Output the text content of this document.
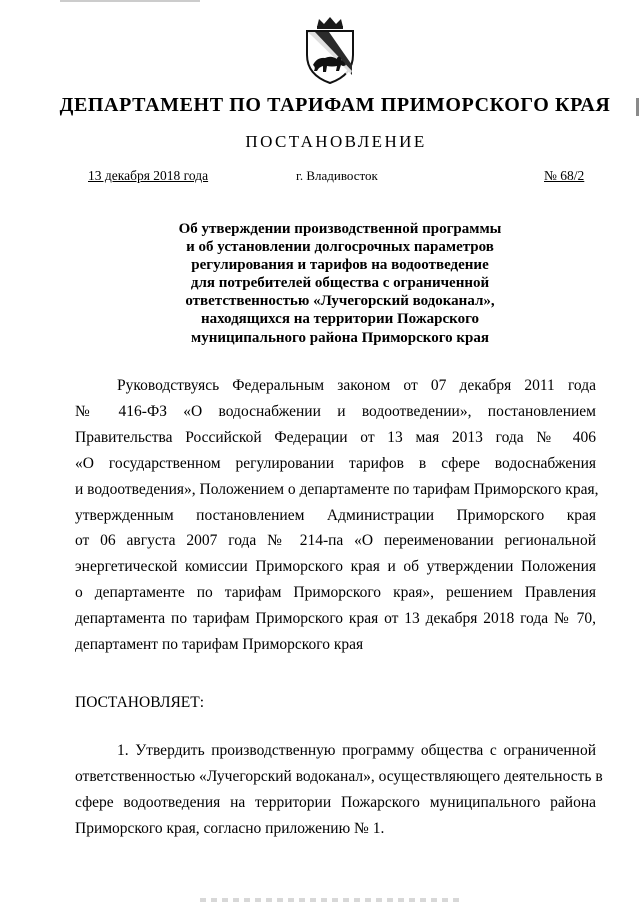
ДЕПАРТАМЕНТ ПО ТАРИФАМ ПРИМОРСКОГО КРАЯ
ПОСТАНОВЛЕНИЕ
13 декабря 2018 года	г. Владивосток	№ 68/2
Об утверждении производственной программы
и об установлении долгосрочных параметров
регулирования и тарифов на водоотведение
для потребителей общества с ограниченной
ответственностью «Лучегорский водоканал»,
находящихся на территории Пожарского
муниципального района Приморского края
Руководствуясь Федеральным законом от 07 декабря 2011 года
№ 416-ФЗ «О водоснабжении и водоотведении», постановлением
Правительства Российской Федерации от 13 мая 2013 года № 406
«О государственном регулировании тарифов в сфере водоснабжения
и водоотведения», Положением о департаменте по тарифам Приморского края,
утвержденным постановлением Администрации Приморского края
от 06 августа 2007 года № 214-па «О переименовании региональной
энергетической комиссии Приморского края и об утверждении Положения
о департаменте по тарифам Приморского края», решением Правления
департамента по тарифам Приморского края от 13 декабря 2018 года № 70,
департамент по тарифам Приморского края
ПОСТАНОВЛЯЕТ:
1. Утвердить производственную программу общества с ограниченной
ответственностью «Лучегорский водоканал», осуществляющего деятельность в
сфере водоотведения на территории Пожарского муниципального района
Приморского края, согласно приложению № 1.
